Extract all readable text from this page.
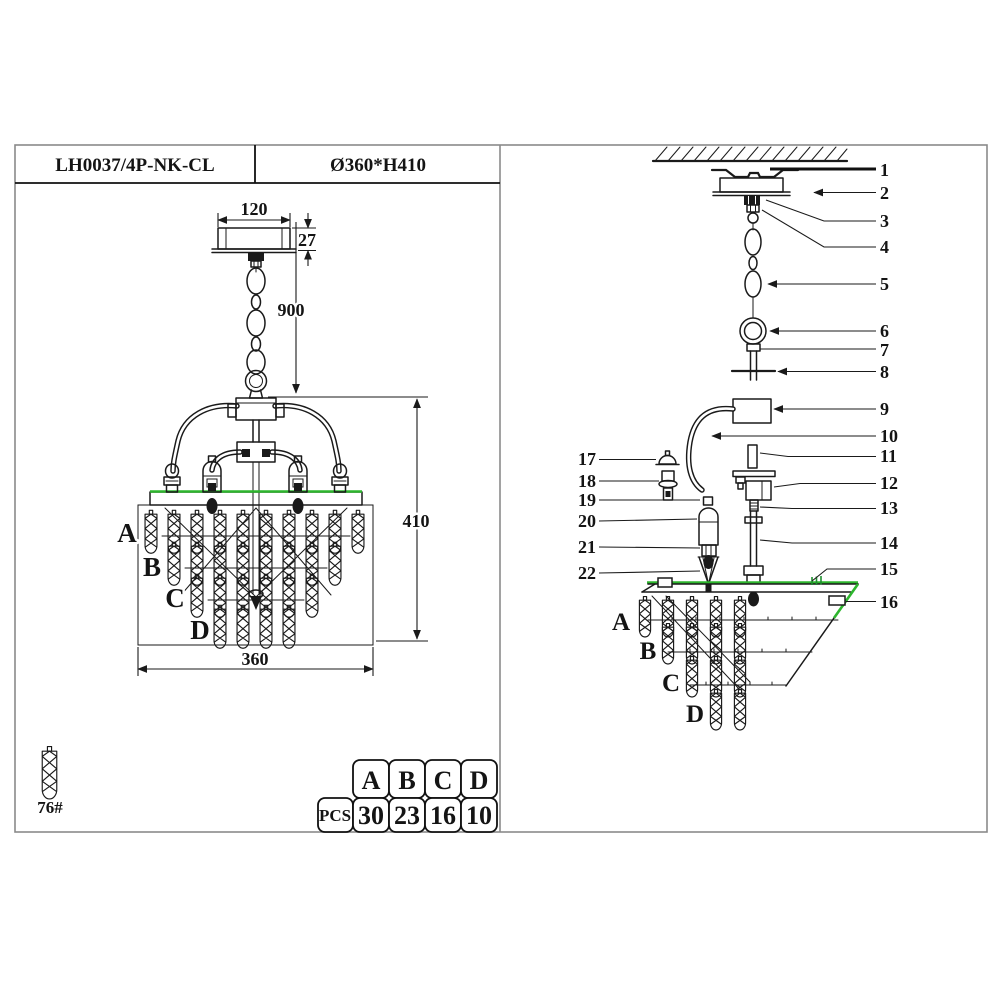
LH0037/4P-NK-CL	Ø360*H410
A
B
C
D
120
27
900
410
360
76#
A B C D
PCS 30 23 16 10
A
B
C
D
1
2
3
4
5
6
7
8
9
10
11
12
13
14
15
16
17
18
19
20
21
22
